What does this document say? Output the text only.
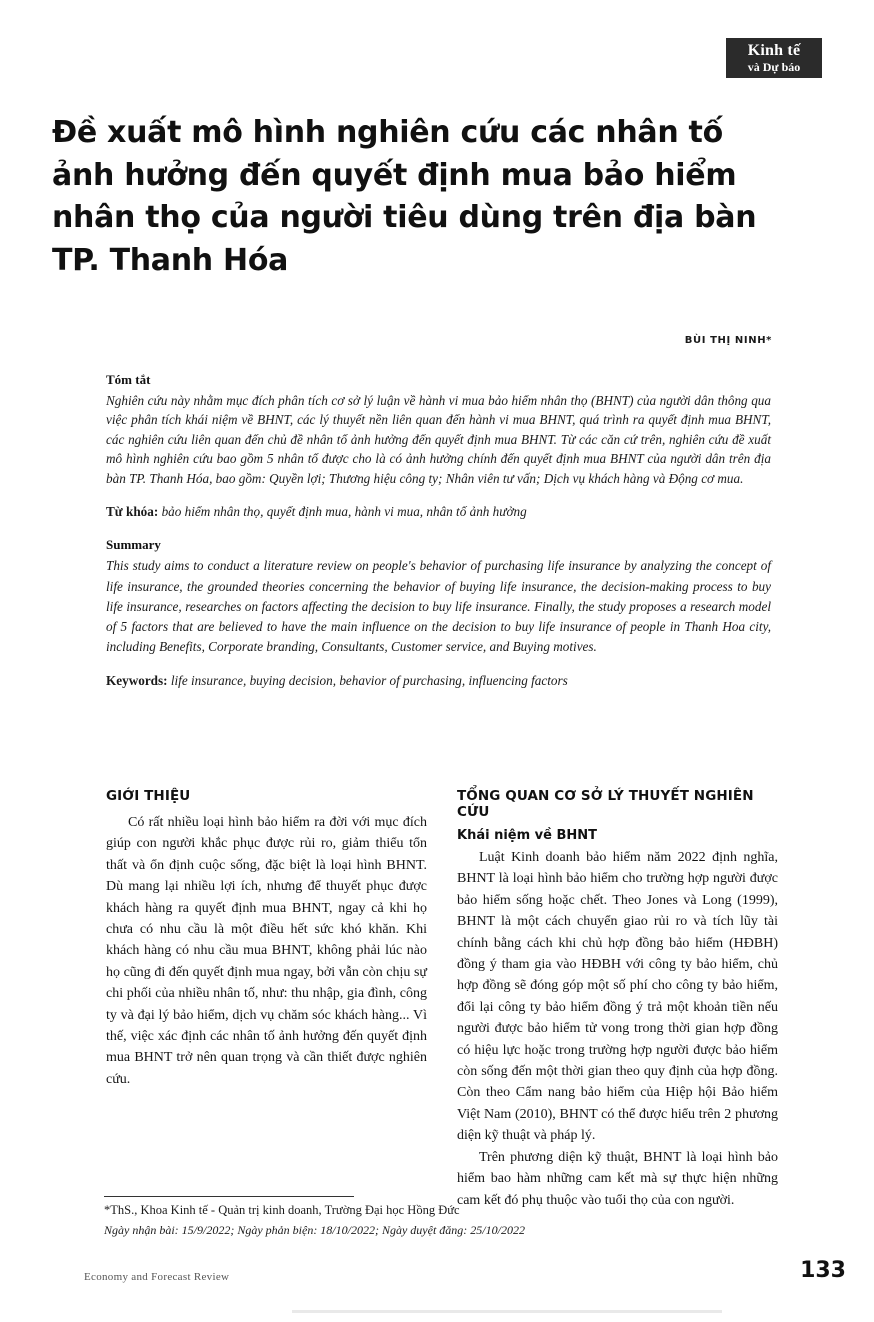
Kinh tế
và Dự báo
Đề xuất mô hình nghiên cứu các nhân tố ảnh hưởng đến quyết định mua bảo hiểm nhân thọ của người tiêu dùng trên địa bàn TP. Thanh Hóa
BÙI THỊ NINH*

Tóm tắt

Nghiên cứu này nhằm mục đích phân tích cơ sở lý luận về hành vi mua bảo hiểm nhân thọ (BHNT) của người dân thông qua việc phân tích khái niệm về BHNT, các lý thuyết nền liên quan đến hành vi mua BHNT, quá trình ra quyết định mua BHNT, các nghiên cứu liên quan đến chủ đề nhân tố ảnh hưởng đến quyết định mua BHNT. Từ các căn cứ trên, nghiên cứu đề xuất mô hình nghiên cứu bao gồm 5 nhân tố được cho là có ảnh hưởng chính đến quyết định mua BHNT của người dân trên địa bàn TP. Thanh Hóa, bao gồm: Quyền lợi; Thương hiệu công ty; Nhân viên tư vấn; Dịch vụ khách hàng và Động cơ mua.

Từ khóa: bảo hiểm nhân thọ, quyết định mua, hành vi mua, nhân tố ảnh hưởng

Summary

This study aims to conduct a literature review on people's behavior of purchasing life insurance by analyzing the concept of life insurance, the grounded theories concerning the behavior of buying life insurance, the decision-making process to buy life insurance, researches on factors affecting the decision to buy life insurance. Finally, the study proposes a research model of 5 factors that are believed to have the main influence on the decision to buy life insurance of people in Thanh Hoa city, including Benefits, Corporate branding, Consultants, Customer service, and Buying motives.

Keywords: life insurance, buying decision, behavior of purchasing, influencing factors
GIỚI THIỆU

Có rất nhiều loại hình bảo hiểm ra đời với mục đích giúp con người khắc phục được rủi ro, giảm thiểu tổn thất và ổn định cuộc sống, đặc biệt là loại hình BHNT. Dù mang lại nhiều lợi ích, nhưng để thuyết phục được khách hàng ra quyết định mua BHNT, ngay cả khi họ chưa có nhu cầu là một điều hết sức khó khăn. Khi khách hàng có nhu cầu mua BHNT, không phải lúc nào họ cũng đi đến quyết định mua ngay, bởi vẫn còn chịu sự chi phối của nhiều nhân tố, như: thu nhập, gia đình, công ty và đại lý bảo hiểm, dịch vụ chăm sóc khách hàng... Vì thế, việc xác định các nhân tố ảnh hưởng đến quyết định mua BHNT trở nên quan trọng và cần thiết được nghiên cứu.

TỔNG QUAN CƠ SỞ LÝ THUYẾT NGHIÊN CỨU
Khái niệm về BHNT

Luật Kinh doanh bảo hiểm năm 2022 định nghĩa, BHNT là loại hình bảo hiểm cho trường hợp người được bảo hiểm sống hoặc chết. Theo Jones và Long (1999), BHNT là một cách chuyển giao rủi ro và tích lũy tài chính bằng cách khi chủ hợp đồng bảo hiểm (HĐBH) đồng ý tham gia vào HĐBH với công ty bảo hiểm, chủ hợp đồng sẽ đóng góp một số phí cho công ty bảo hiểm, đổi lại công ty bảo hiểm đồng ý trả một khoản tiền nếu người được bảo hiểm tử vong trong thời gian hợp đồng có hiệu lực hoặc trong trường hợp người được bảo hiểm còn sống đến một thời gian theo quy định của hợp đồng. Còn theo Cẩm nang bảo hiểm của Hiệp hội Bảo hiểm Việt Nam (2010), BHNT có thể được hiểu trên 2 phương diện kỹ thuật và pháp lý.

Trên phương diện kỹ thuật, BHNT là loại hình bảo hiểm bao hàm những cam kết mà sự thực hiện những cam kết đó phụ thuộc vào tuổi thọ của con người.

*ThS., Khoa Kinh tế - Quản trị kinh doanh, Trường Đại học Hồng Đức

Ngày nhận bài: 15/9/2022; Ngày phản biện: 18/10/2022; Ngày duyệt đăng: 25/10/2022

Economy and Forecast Review	133
